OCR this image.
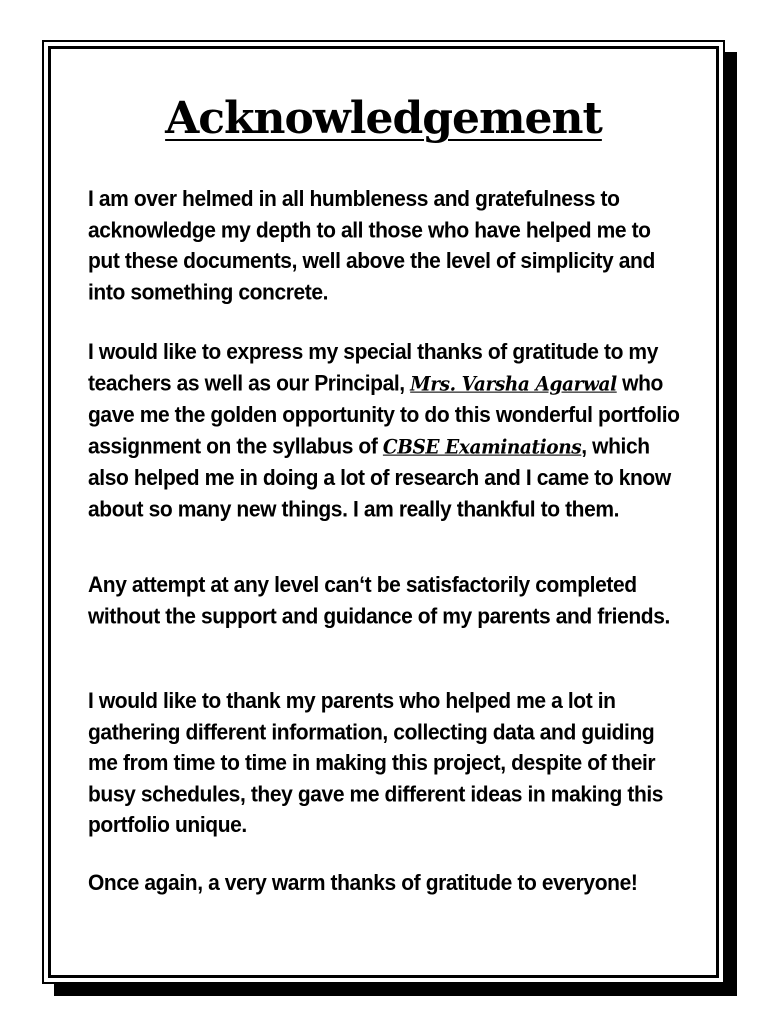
Acknowledgement

I am over helmed in all humbleness and gratefulness to acknowledge my depth to all those who have helped me to put these documents, well above the level of simplicity and into something concrete.

I would like to express my special thanks of gratitude to my teachers as well as our Principal, Mrs. Varsha Agarwal who gave me the golden opportunity to do this wonderful portfolio assignment on the syllabus of CBSE Examinations, which also helped me in doing a lot of research and I came to know about so many new things. I am really thankful to them.

Any attempt at any level can‘t be satisfactorily completed without the support and guidance of my parents and friends.

I would like to thank my parents who helped me a lot in gathering different information, collecting data and guiding me from time to time in making this project, despite of their busy schedules, they gave me different ideas in making this portfolio unique.

Once again, a very warm thanks of gratitude to everyone!
